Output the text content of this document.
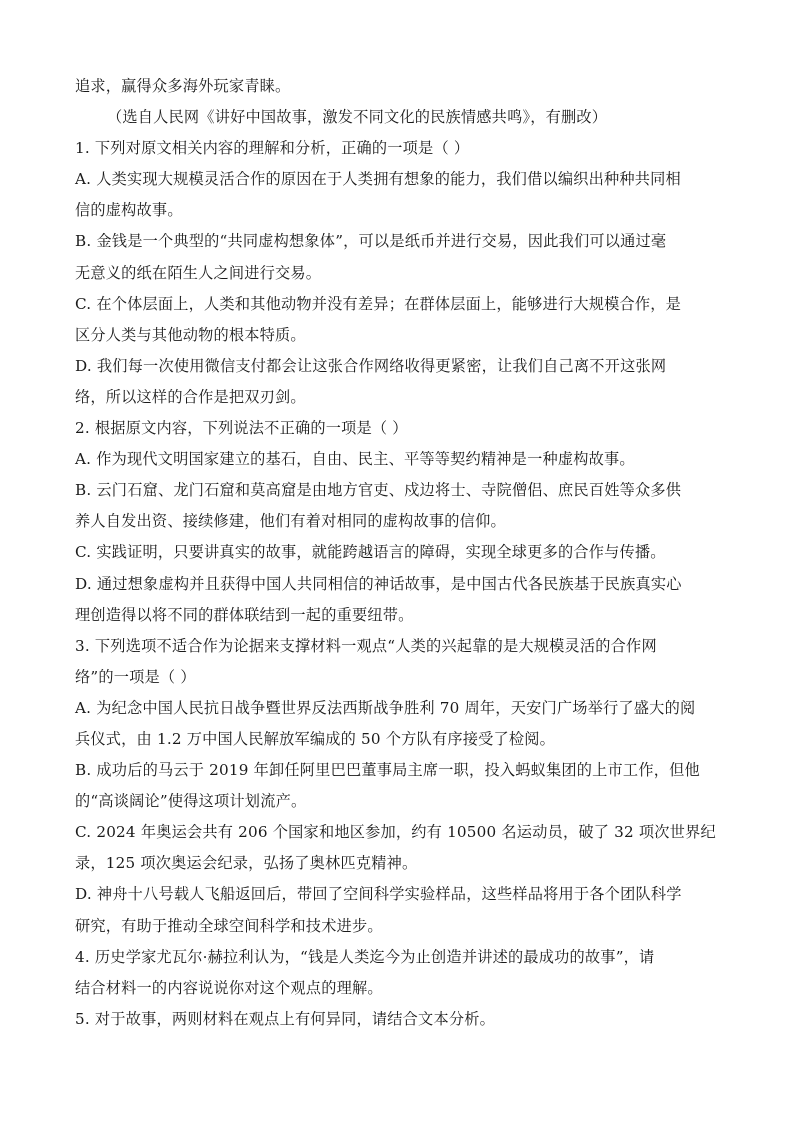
追求，赢得众多海外玩家青睐。
（选自人民网《讲好中国故事，激发不同文化的民族情感共鸣》，有删改）
1. 下列对原文相关内容的理解和分析，正确的一项是（ ）
A. 人类实现大规模灵活合作的原因在于人类拥有想象的能力，我们借以编织出种种共同相
信的虚构故事。
B. 金钱是一个典型的“共同虚构想象体”，可以是纸币并进行交易，因此我们可以通过毫
无意义的纸在陌生人之间进行交易。
C. 在个体层面上，人类和其他动物并没有差异；在群体层面上，能够进行大规模合作，是
区分人类与其他动物的根本特质。
D. 我们每一次使用微信支付都会让这张合作网络收得更紧密，让我们自己离不开这张网
络，所以这样的合作是把双刃剑。
2. 根据原文内容，下列说法不正确的一项是（ ）
A. 作为现代文明国家建立的基石，自由、民主、平等等契约精神是一种虚构故事。
B. 云门石窟、龙门石窟和莫高窟是由地方官吏、戍边将士、寺院僧侣、庶民百姓等众多供
养人自发出资、接续修建，他们有着对相同的虚构故事的信仰。
C. 实践证明，只要讲真实的故事，就能跨越语言的障碍，实现全球更多的合作与传播。
D. 通过想象虚构并且获得中国人共同相信的神话故事，是中国古代各民族基于民族真实心
理创造得以将不同的群体联结到一起的重要纽带。
3. 下列选项不适合作为论据来支撑材料一观点“人类的兴起靠的是大规模灵活的合作网
络”的一项是（ ）
A. 为纪念中国人民抗日战争暨世界反法西斯战争胜利 70 周年，天安门广场举行了盛大的阅
兵仪式，由 1.2 万中国人民解放军编成的 50 个方队有序接受了检阅。
B. 成功后的马云于 2019 年卸任阿里巴巴董事局主席一职，投入蚂蚁集团的上市工作，但他
的“高谈阔论”使得这项计划流产。
C. 2024 年奥运会共有 206 个国家和地区参加，约有 10500 名运动员，破了 32 项次世界纪
录，125 项次奥运会纪录，弘扬了奥林匹克精神。
D. 神舟十八号载人飞船返回后，带回了空间科学实验样品，这些样品将用于各个团队科学
研究，有助于推动全球空间科学和技术进步。
4. 历史学家尤瓦尔·赫拉利认为，“钱是人类迄今为止创造并讲述的最成功的故事”，请
结合材料一的内容说说你对这个观点的理解。
5. 对于故事，两则材料在观点上有何异同，请结合文本分析。
